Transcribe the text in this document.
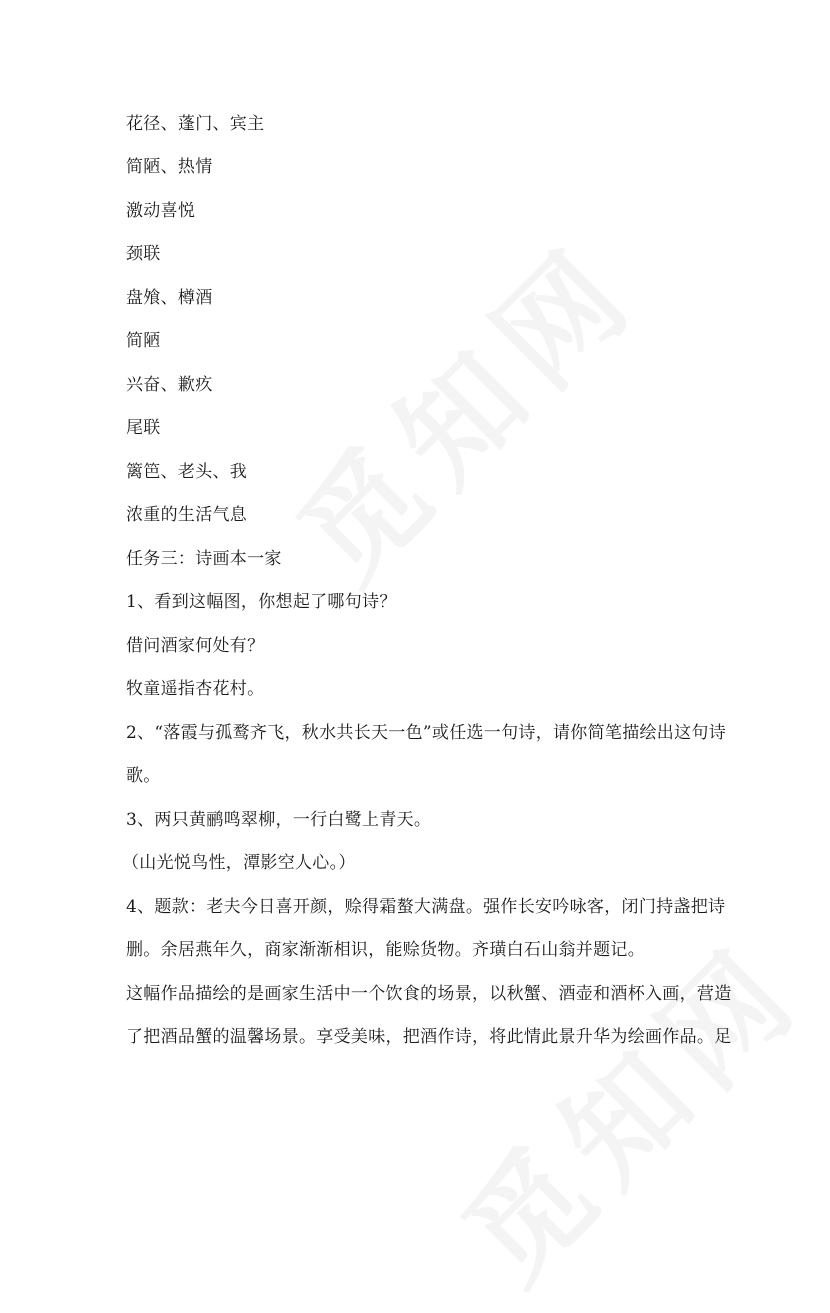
花径、蓬门、宾主
简陋、热情
激动喜悦
颈联
盘飧、樽酒
简陋
兴奋、歉疚
尾联
篱笆、老头、我
浓重的生活气息
任务三：诗画本一家
1、看到这幅图，你想起了哪句诗？
借问酒家何处有？
牧童遥指杏花村。
2、“落霞与孤鹜齐飞，秋水共长天一色”或任选一句诗，请你简笔描绘出这句诗
歌。
3、两只黄鹂鸣翠柳，一行白鹭上青天。
（山光悦鸟性，潭影空人心。）
4、题款：老夫今日喜开颜，赊得霜螯大满盘。强作长安吟咏客，闭门持盏把诗
删。余居燕年久，商家渐渐相识，能赊货物。齐璜白石山翁并题记。
这幅作品描绘的是画家生活中一个饮食的场景，以秋蟹、酒壶和酒杯入画，营造
了把酒品蟹的温馨场景。享受美味，把酒作诗，将此情此景升华为绘画作品。足
